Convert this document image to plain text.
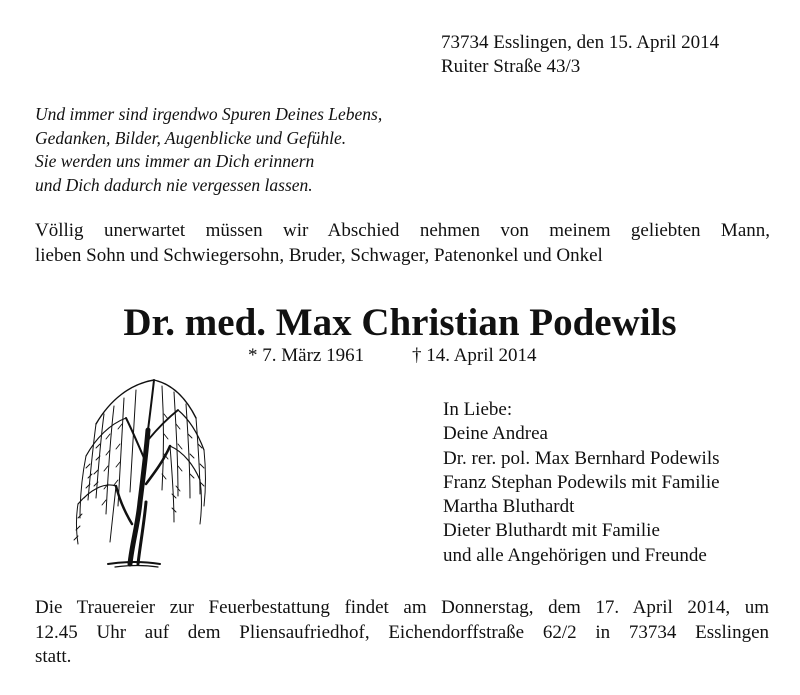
73734 Esslingen, den 15. April 2014
Ruiter Straße 43/3
Und immer sind irgendwo Spuren Deines Lebens,
Gedanken, Bilder, Augenblicke und Gefühle.
Sie werden uns immer an Dich erinnern
und Dich dadurch nie vergessen lassen.
Völlig unerwartet müssen wir Abschied nehmen von meinem geliebten Mann,
lieben Sohn und Schwiegersohn, Bruder, Schwager, Patenonkel und Onkel
Dr. med. Max Christian Podewils
* 7. März 1961	† 14. April 2014
In Liebe:
Deine Andrea
Dr. rer. pol. Max Bernhard Podewils
Franz Stephan Podewils mit Familie
Martha Bluthardt
Dieter Bluthardt mit Familie
und alle Angehörigen und Freunde
Die Trauereier zur Feuerbestattung findet am Donnerstag, dem 17. April 2014, um
12.45 Uhr auf dem Pliensaufriedhof, Eichendorffstraße 62/2 in 73734 Esslingen
statt.
